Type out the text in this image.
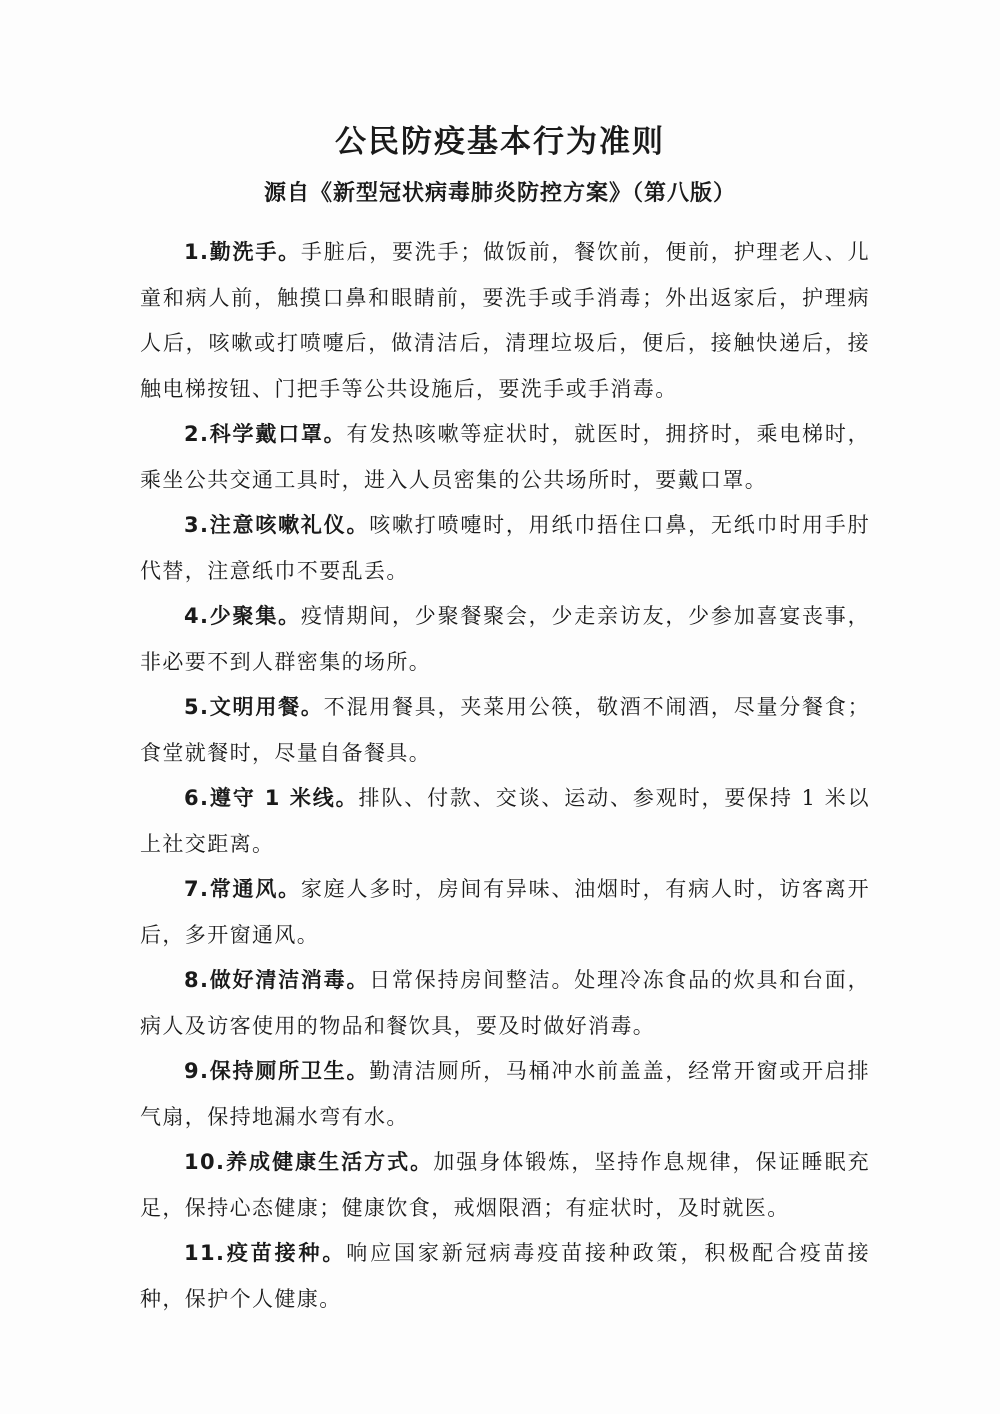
公民防疫基本行为准则
源自《新型冠状病毒肺炎防控方案》（第八版）

1.勤洗手。手脏后，要洗手；做饭前，餐饮前，便前，护理老人、儿童和病人前，触摸口鼻和眼睛前，要洗手或手消毒；外出返家后，护理病人后，咳嗽或打喷嚏后，做清洁后，清理垃圾后，便后，接触快递后，接触电梯按钮、门把手等公共设施后，要洗手或手消毒。

2.科学戴口罩。有发热咳嗽等症状时，就医时，拥挤时，乘电梯时，乘坐公共交通工具时，进入人员密集的公共场所时，要戴口罩。

3.注意咳嗽礼仪。咳嗽打喷嚏时，用纸巾捂住口鼻，无纸巾时用手肘代替，注意纸巾不要乱丢。

4.少聚集。疫情期间，少聚餐聚会，少走亲访友，少参加喜宴丧事，非必要不到人群密集的场所。

5.文明用餐。不混用餐具，夹菜用公筷，敬酒不闹酒，尽量分餐食；食堂就餐时，尽量自备餐具。

6.遵守 1 米线。排队、付款、交谈、运动、参观时，要保持 1 米以上社交距离。

7.常通风。家庭人多时，房间有异味、油烟时，有病人时，访客离开后，多开窗通风。

8.做好清洁消毒。日常保持房间整洁。处理冷冻食品的炊具和台面，病人及访客使用的物品和餐饮具，要及时做好消毒。

9.保持厕所卫生。勤清洁厕所，马桶冲水前盖盖，经常开窗或开启排气扇，保持地漏水弯有水。

10.养成健康生活方式。加强身体锻炼，坚持作息规律，保证睡眠充足，保持心态健康；健康饮食，戒烟限酒；有症状时，及时就医。

11.疫苗接种。响应国家新冠病毒疫苗接种政策，积极配合疫苗接种，保护个人健康。
